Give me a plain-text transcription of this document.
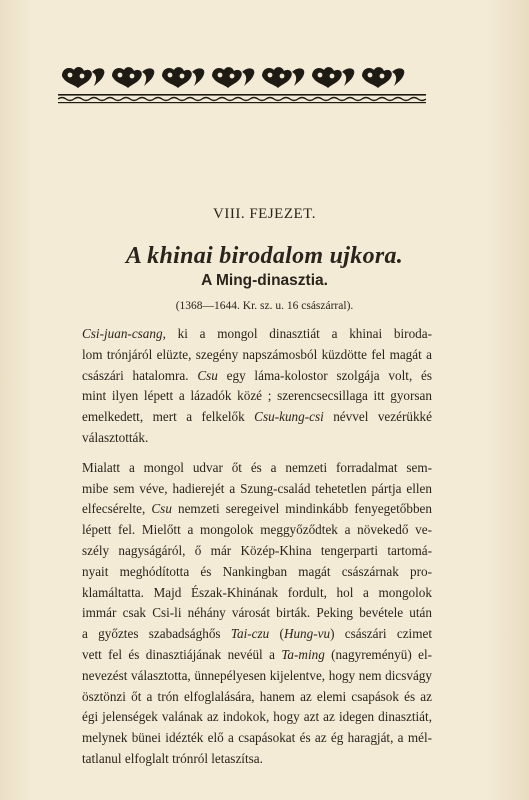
VIII. FEJEZET.
A khinai birodalom ujkora.
A Ming-dinasztia.
(1368—1644. Kr. sz. u. 16 császárral).

Csi-juan-csang, ki a mongol dinasztiát a khinai biroda-
lom trónjáról elüzte, szegény napszámosból küzdötte fel magát a
császári hatalomra. Csu egy láma-kolostor szolgája volt, és
mint ilyen lépett a lázadók közé ; szerencsecsillaga itt gyorsan
emelkedett, mert a felkelők Csu-kung-csi névvel vezérükké
választották.

Mialatt a mongol udvar őt és a nemzeti forradalmat sem-
mibe sem véve, hadierejét a Szung-család tehetetlen pártja ellen
elfecsérelte, Csu nemzeti seregeivel mindinkább fenyegetőbben
lépett fel. Mielőtt a mongolok meggyőződtek a növekedő ve-
szély nagyságáról, ő már Közép-Khina tengerparti tartomá-
nyait meghódította és Nankingban magát császárnak pro-
klamáltatta. Majd Észak-Khinának fordult, hol a mongolok
immár csak Csi-li néhány városát birták. Peking bevétele után
a győztes szabadsághős Tai-czu (Hung-vu) császári czimet
vett fel és dinasztiájának nevéül a Ta-ming (nagyreményü) el-
nevezést választotta, ünnepélyesen kijelentve, hogy nem dicsvágy
ösztönzi őt a trón elfoglalására, hanem az elemi csapások és az
égi jelenségek valának az indokok, hogy azt az idegen dinasztiát,
melynek bünei idézték elő a csapásokat és az ég haragját, a mél-
tatlanul elfoglalt trónról letaszítsa.
